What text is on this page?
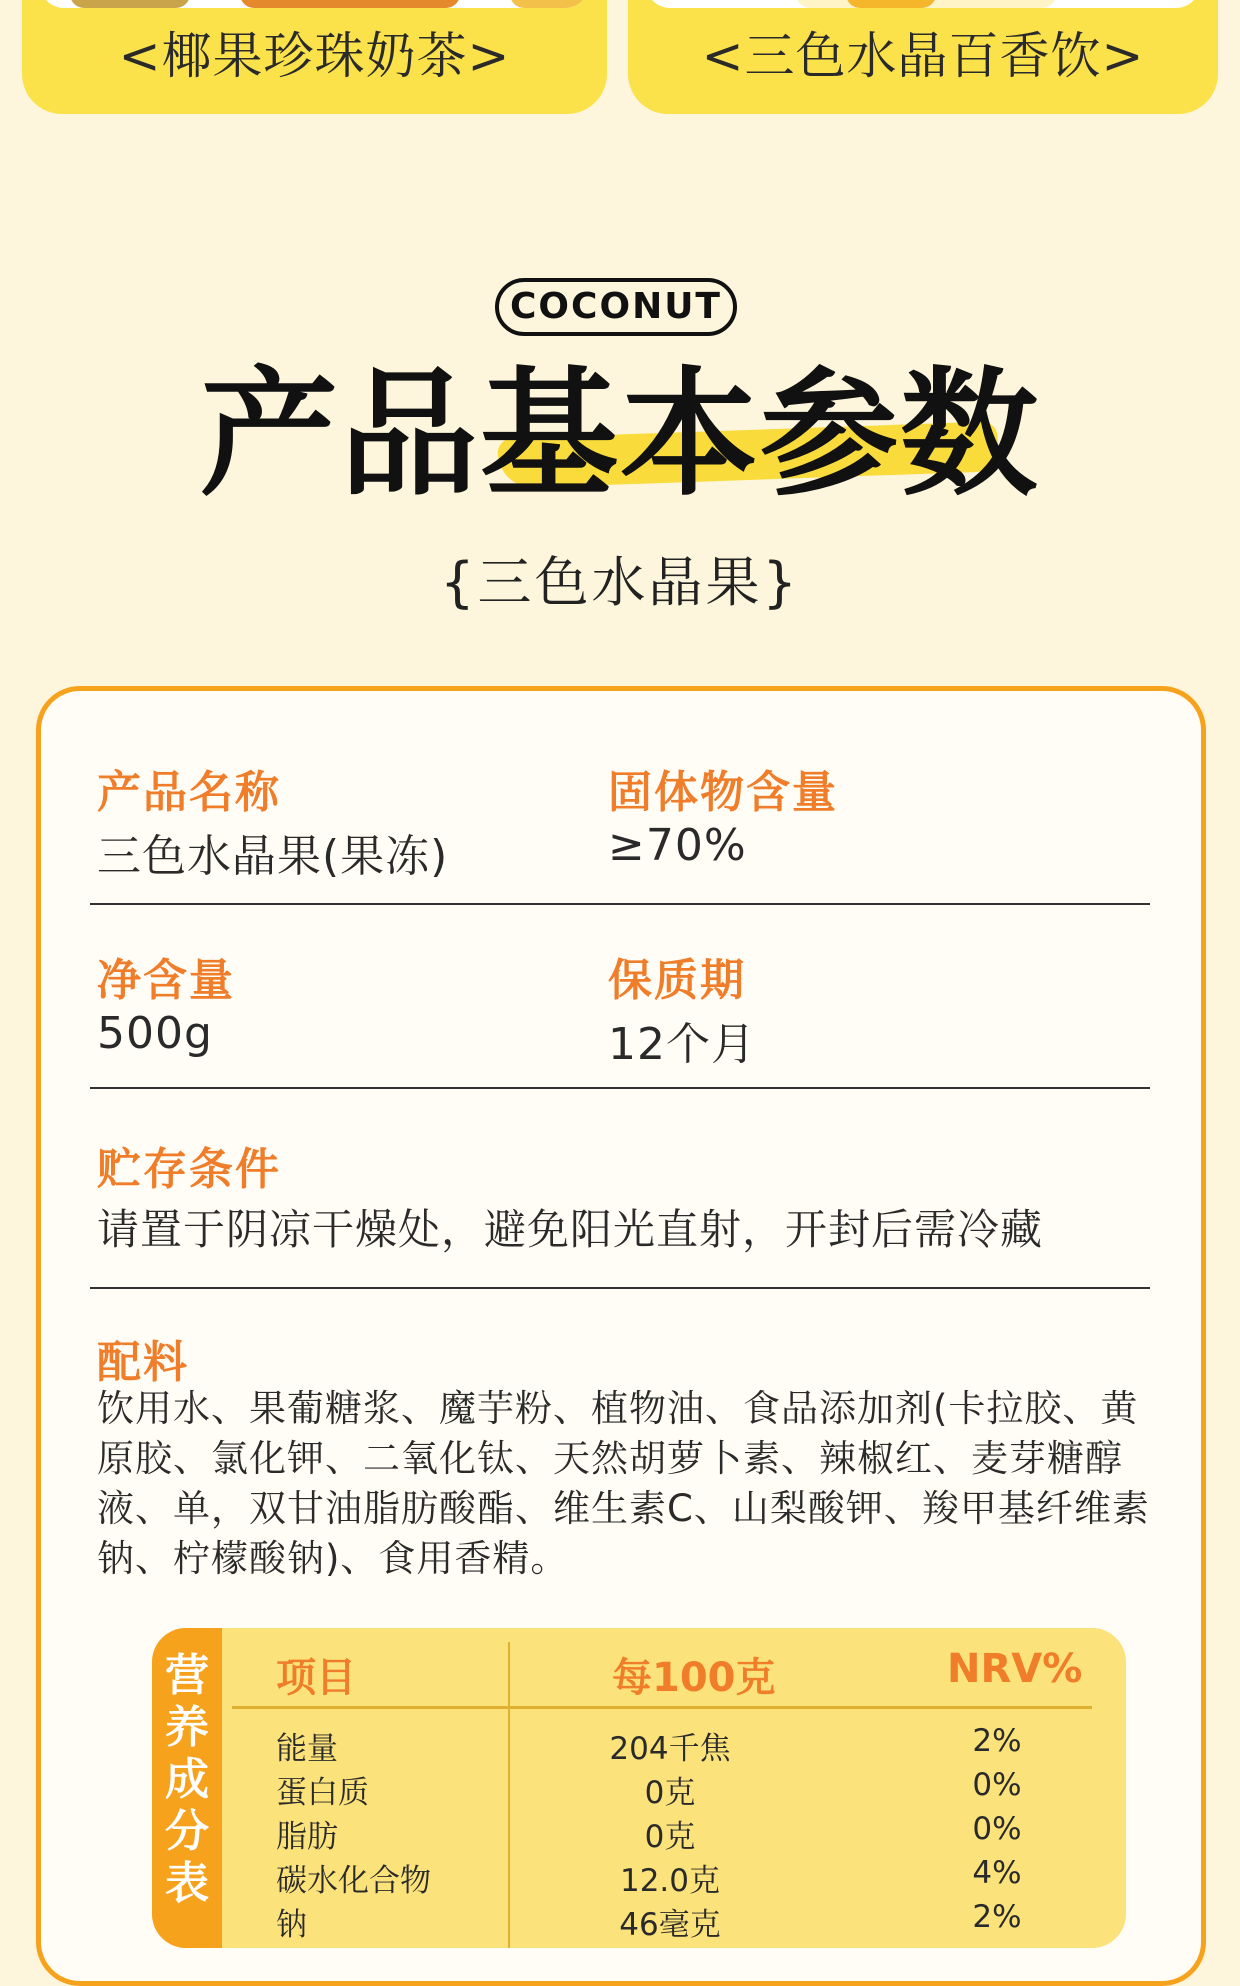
<椰果珍珠奶茶>	<三色水晶百香饮>
COCONUT
产品基本参数
{三色水晶果}
产品名称
三色水晶果(果冻)
固体物含量
≥70%
净含量
500g
保质期
12个月
贮存条件
请置于阴凉干燥处，避免阳光直射，开封后需冷藏
配料
饮用水、果葡糖浆、魔芋粉、植物油、食品添加剂(卡拉胶、黄原胶、氯化钾、二氧化钛、天然胡萝卜素、辣椒红、麦芽糖醇液、单，双甘油脂肪酸酯、维生素C、山梨酸钾、羧甲基纤维素钠、柠檬酸钠)、食用香精。
营养成分表
项目	每100克	NRV%
能量	204千焦	2%
蛋白质	0克	0%
脂肪	0克	0%
碳水化合物	12.0克	4%
钠	46毫克	2%
